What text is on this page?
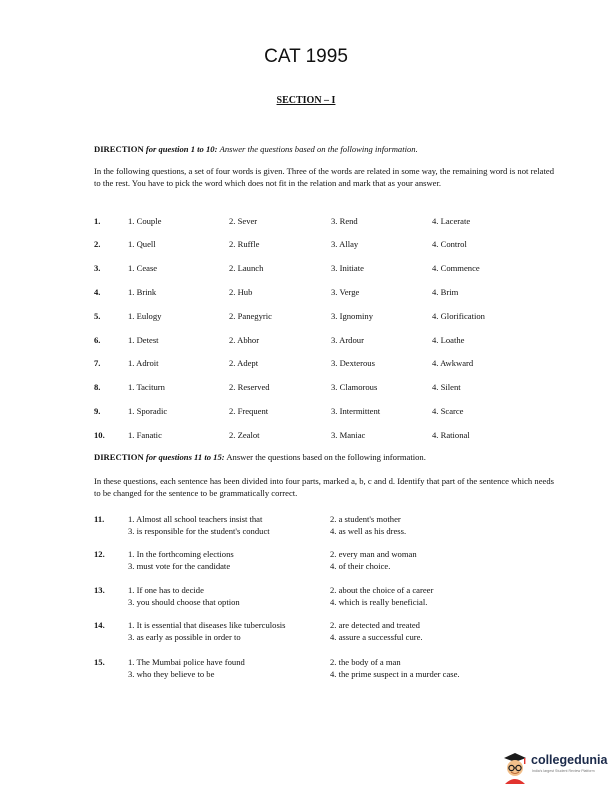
CAT 1995
SECTION – I
DIRECTION for question 1 to 10: Answer the questions based on the following information.
In the following questions, a set of four words is given. Three of the words are related in some way, the remaining word is not related to the rest. You have to pick the word which does not fit in the relation and mark that as your answer.
1.	1. Couple	2. Sever	3. Rend	4. Lacerate
2.	1. Quell	2. Ruffle	3. Allay	4. Control
3.	1. Cease	2. Launch	3. Initiate	4. Commence
4.	1. Brink	2. Hub	3. Verge	4. Brim
5.	1. Eulogy	2. Panegyric	3. Ignominy	4. Glorification
6.	1. Detest	2. Abhor	3. Ardour	4. Loathe
7.	1. Adroit	2. Adept	3. Dexterous	4. Awkward
8.	1. Taciturn	2. Reserved	3. Clamorous	4. Silent
9.	1. Sporadic	2. Frequent	3. Intermittent	4. Scarce
10.	1. Fanatic	2. Zealot	3. Maniac	4. Rational
DIRECTION for questions 11 to 15: Answer the questions based on the following information.
In these questions, each sentence has been divided into four parts, marked a, b, c and d. Identify that part of the sentence which needs to be changed for the sentence to be grammatically correct.
11.	1. Almost all school teachers insist that	2. a student's mother
3. is responsible for the student's conduct	4. as well as his dress.
12.	1. In the forthcoming elections	2. every man and woman
3. must vote for the candidate	4. of their choice.
13.	1. If one has to decide	2. about the choice of a career
3. you should choose that option	4. which is really beneficial.
14.	1. It is essential that diseases like tuberculosis	2. are detected and treated
3. as early as possible in order to	4. assure a successful cure.
15.	1. The Mumbai police have found	2. the body of a man
3. who they believe to be	4. the prime suspect in a murder case.
collegedunia
India's largest Student Review Platform
